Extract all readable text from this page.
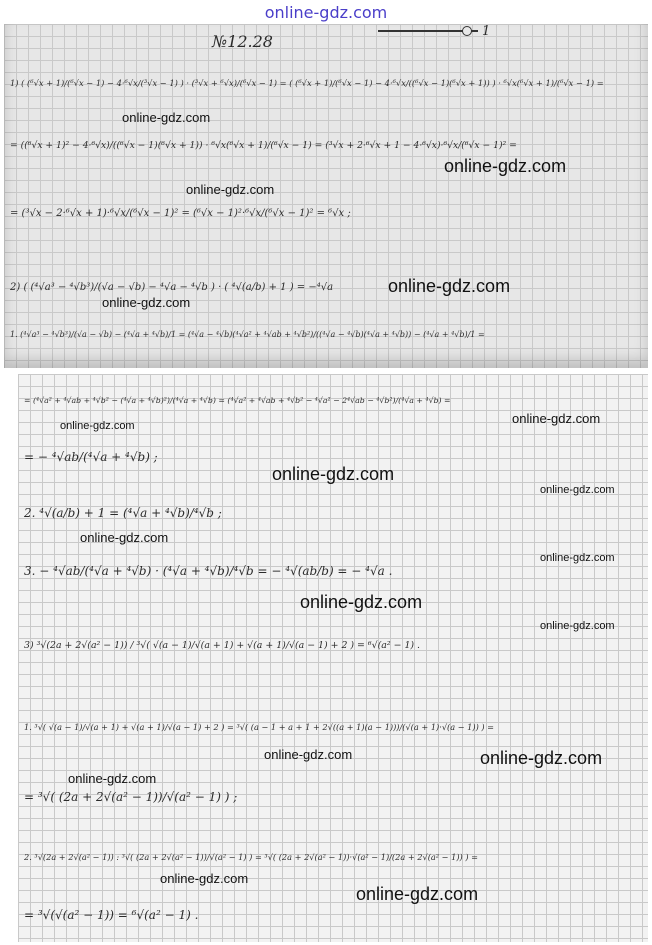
online-gdz.com
№12.28
1
1) ( (⁶√x + 1)/(⁶√x − 1) − 4·⁶√x/(³√x − 1) ) · (³√x + ⁶√x)/(⁶√x − 1) = ( (⁶√x + 1)/(⁶√x − 1) − 4·⁶√x/((⁶√x − 1)(⁶√x + 1)) ) · ⁶√x(⁶√x + 1)/(⁶√x − 1) =
= ((⁶√x + 1)² − 4·⁶√x)/((⁶√x − 1)(⁶√x + 1)) · ⁶√x(⁶√x + 1)/(⁶√x − 1) = (³√x + 2·⁶√x + 1 − 4·⁶√x)·⁶√x/(⁶√x − 1)² =
= (³√x − 2·⁶√x + 1)·⁶√x/(⁶√x − 1)² = (⁶√x − 1)²·⁶√x/(⁶√x − 1)² = ⁶√x ;
2) ( (⁴√a³ − ⁴√b³)/(√a − √b) − ⁴√a − ⁴√b ) · ( ⁴√(a/b) + 1 ) = −⁴√a
1. (⁴√a³ − ⁴√b³)/(√a − √b) − (⁴√a + ⁴√b)/1 = (⁴√a − ⁴√b)(⁴√a² + ⁴√ab + ⁴√b²)/((⁴√a − ⁴√b)(⁴√a + ⁴√b)) − (⁴√a + ⁴√b)/1 =
= (⁴√a² + ⁴√ab + ⁴√b² − (⁴√a + ⁴√b)²)/(⁴√a + ⁴√b) = (⁴√a² + ⁴√ab + ⁴√b² − ⁴√a² − 2⁴√ab − ⁴√b²)/(⁴√a + ⁴√b) =
= − ⁴√ab/(⁴√a + ⁴√b) ;
2. ⁴√(a/b) + 1 = (⁴√a + ⁴√b)/⁴√b ;
3. − ⁴√ab/(⁴√a + ⁴√b) · (⁴√a + ⁴√b)/⁴√b = − ⁴√(ab/b) = − ⁴√a .
3) ³√(2a + 2√(a² − 1)) / ³√( √(a − 1)/√(a + 1) + √(a + 1)/√(a − 1) + 2 ) = ⁶√(a² − 1) .
1. ³√( √(a − 1)/√(a + 1) + √(a + 1)/√(a − 1) + 2 ) = ³√( (a − 1 + a + 1 + 2√((a + 1)(a − 1)))/(√(a + 1)·√(a − 1)) ) =
= ³√( (2a + 2√(a² − 1))/√(a² − 1) ) ;
2. ³√(2a + 2√(a² − 1)) : ³√( (2a + 2√(a² − 1))/√(a² − 1) ) = ³√( (2a + 2√(a² − 1))·√(a² − 1)/(2a + 2√(a² − 1)) ) =
= ³√(√(a² − 1)) = ⁶√(a² − 1) .
online-gdz.com
online-gdz.com
online-gdz.com
online-gdz.com
online-gdz.com
online-gdz.com	online-gdz.com
online-gdz.com
online-gdz.com
online-gdz.com
online-gdz.com
online-gdz.com
online-gdz.com
online-gdz.com	online-gdz.com
online-gdz.com
online-gdz.com
online-gdz.com
